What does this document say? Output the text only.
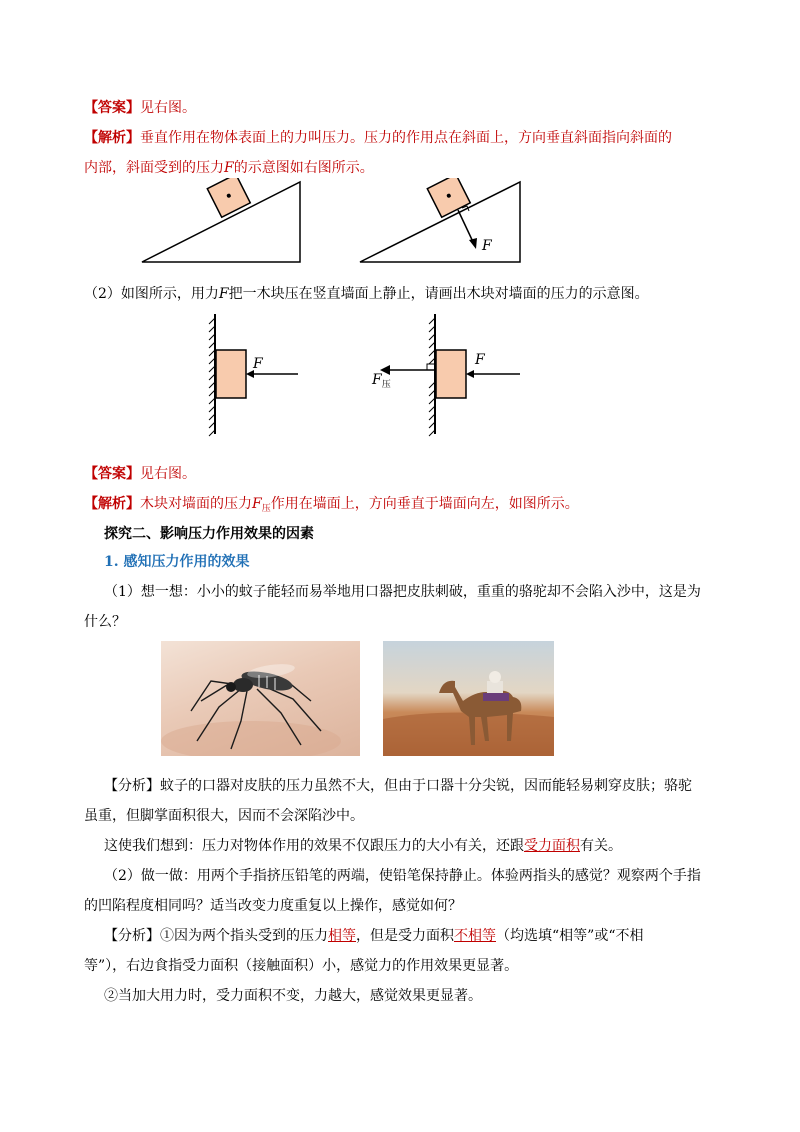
【答案】见右图。
【解析】垂直作用在物体表面上的力叫压力。压力的作用点在斜面上，方向垂直斜面指向斜面的
内部，斜面受到的压力F的示意图如右图所示。
F
（2）如图所示，用力F把一木块压在竖直墙面上静止，请画出木块对墙面的压力的示意图。
F	F
$F_压$
【答案】见右图。
【解析】木块对墙面的压力$F_压$作用在墙面上，方向垂直于墙面向左，如图所示。
探究二、影响压力作用效果的因素
1. 感知压力作用的效果
（1）想一想：小小的蚊子能轻而易举地用口器把皮肤刺破，重重的骆驼却不会陷入沙中，这是为
什么？
【分析】蚊子的口器对皮肤的压力虽然不大，但由于口器十分尖锐，因而能轻易刺穿皮肤；骆驼
虽重，但脚掌面积很大，因而不会深陷沙中。
这使我们想到：压力对物体作用的效果不仅跟压力的大小有关，还跟受力面积有关。
（2）做一做：用两个手指挤压铅笔的两端，使铅笔保持静止。体验两指头的感觉？观察两个手指
的凹陷程度相同吗？适当改变力度重复以上操作，感觉如何？
【分析】①因为两个指头受到的压力相等，但是受力面积不相等（均选填“相等”或“不相
等”），右边食指受力面积（接触面积）小，感觉力的作用效果更显著。
②当加大用力时，受力面积不变，力越大，感觉效果更显著。
